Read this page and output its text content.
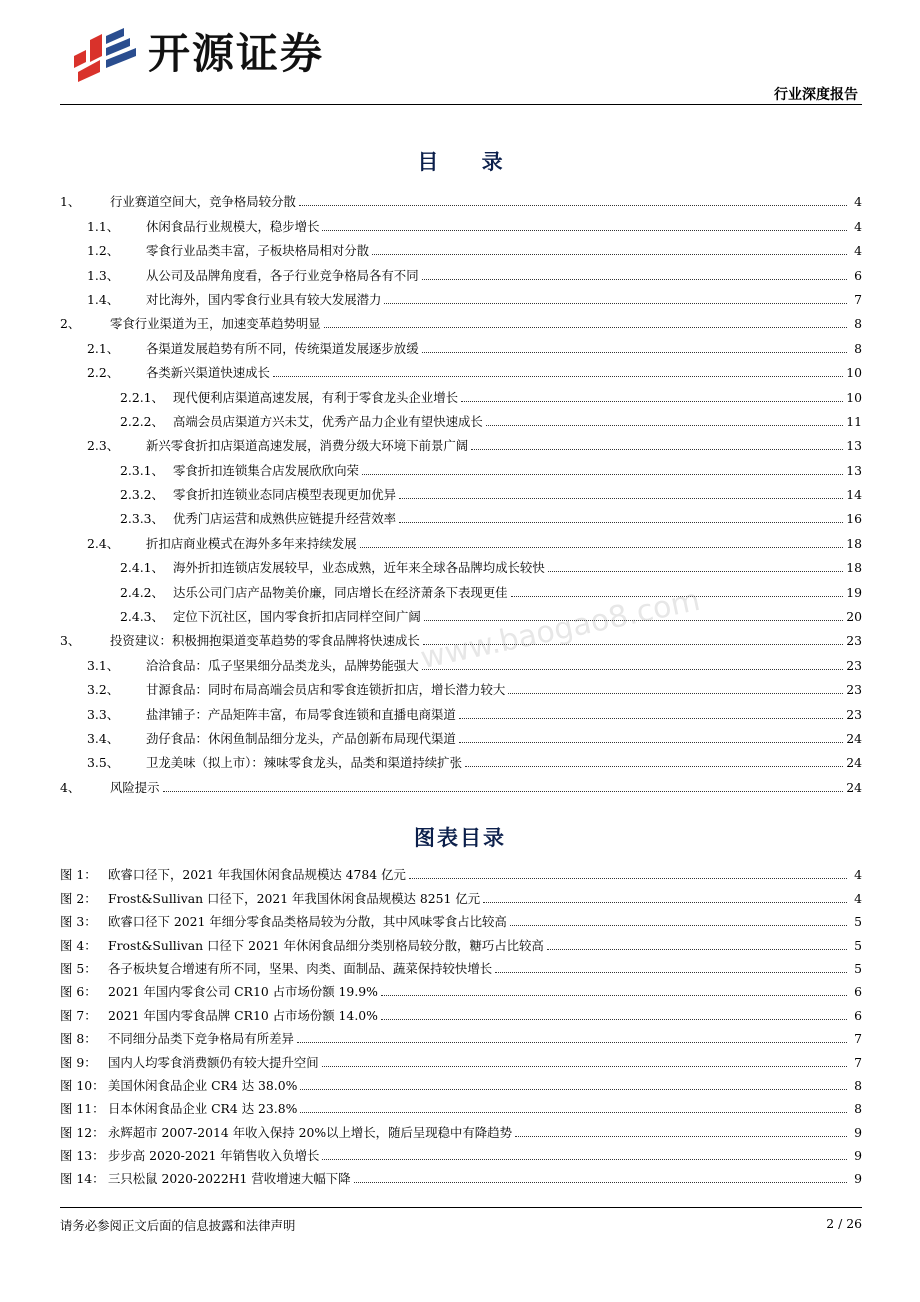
开源证券
行业深度报告
目 录
1、	行业赛道空间大，竞争格局较分散	4
1.1、	休闲食品行业规模大，稳步增长	4
1.2、	零食行业品类丰富，子板块格局相对分散	4
1.3、	从公司及品牌角度看，各子行业竞争格局各有不同	6
1.4、	对比海外，国内零食行业具有较大发展潜力	7
2、	零食行业渠道为王，加速变革趋势明显	8
2.1、	各渠道发展趋势有所不同，传统渠道发展逐步放缓	8
2.2、	各类新兴渠道快速成长	10
2.2.1、 现代便利店渠道高速发展，有利于零食龙头企业增长	10
2.2.2、 高端会员店渠道方兴未艾，优秀产品力企业有望快速成长	11
2.3、	新兴零食折扣店渠道高速发展，消费分级大环境下前景广阔	13
2.3.1、 零食折扣连锁集合店发展欣欣向荣	13
2.3.2、 零食折扣连锁业态同店模型表现更加优异	14
2.3.3、 优秀门店运营和成熟供应链提升经营效率	16
2.4、	折扣店商业模式在海外多年来持续发展	18
2.4.1、 海外折扣连锁店发展较早，业态成熟，近年来全球各品牌均成长较快	18
2.4.2、 达乐公司门店产品物美价廉，同店增长在经济萧条下表现更佳	19
2.4.3、 定位下沉社区，国内零食折扣店同样空间广阔	20
3、	投资建议：积极拥抱渠道变革趋势的零食品牌将快速成长	23
3.1、	洽洽食品：瓜子坚果细分品类龙头，品牌势能强大	23
3.2、	甘源食品：同时布局高端会员店和零食连锁折扣店，增长潜力较大	23
3.3、	盐津铺子：产品矩阵丰富，布局零食连锁和直播电商渠道	23
3.4、	劲仔食品：休闲鱼制品细分龙头，产品创新布局现代渠道	24
3.5、	卫龙美味（拟上市）：辣味零食龙头，品类和渠道持续扩张	24
4、	风险提示	24
www.baogao8.com
图表目录
图 1： 欧睿口径下，2021 年我国休闲食品规模达 4784 亿元	4
图 2： Frost&Sullivan 口径下，2021 年我国休闲食品规模达 8251 亿元	4
图 3： 欧睿口径下 2021 年细分零食品类格局较为分散，其中风味零食占比较高	5
图 4： Frost&Sullivan 口径下 2021 年休闲食品细分类别格局较分散，糖巧占比较高	5
图 5： 各子板块复合增速有所不同，坚果、肉类、面制品、蔬菜保持较快增长	5
图 6： 2021 年国内零食公司 CR10 占市场份额 19.9%	6
图 7： 2021 年国内零食品牌 CR10 占市场份额 14.0%	6
图 8： 不同细分品类下竞争格局有所差异	7
图 9： 国内人均零食消费额仍有较大提升空间	7
图 10： 美国休闲食品企业 CR4 达 38.0%	8
图 11： 日本休闲食品企业 CR4 达 23.8%	8
图 12： 永辉超市 2007-2014 年收入保持 20%以上增长，随后呈现稳中有降趋势	9
图 13： 步步高 2020-2021 年销售收入负增长	9
图 14： 三只松鼠 2020-2022H1 营收增速大幅下降	9
请务必参阅正文后面的信息披露和法律声明	2 / 26
